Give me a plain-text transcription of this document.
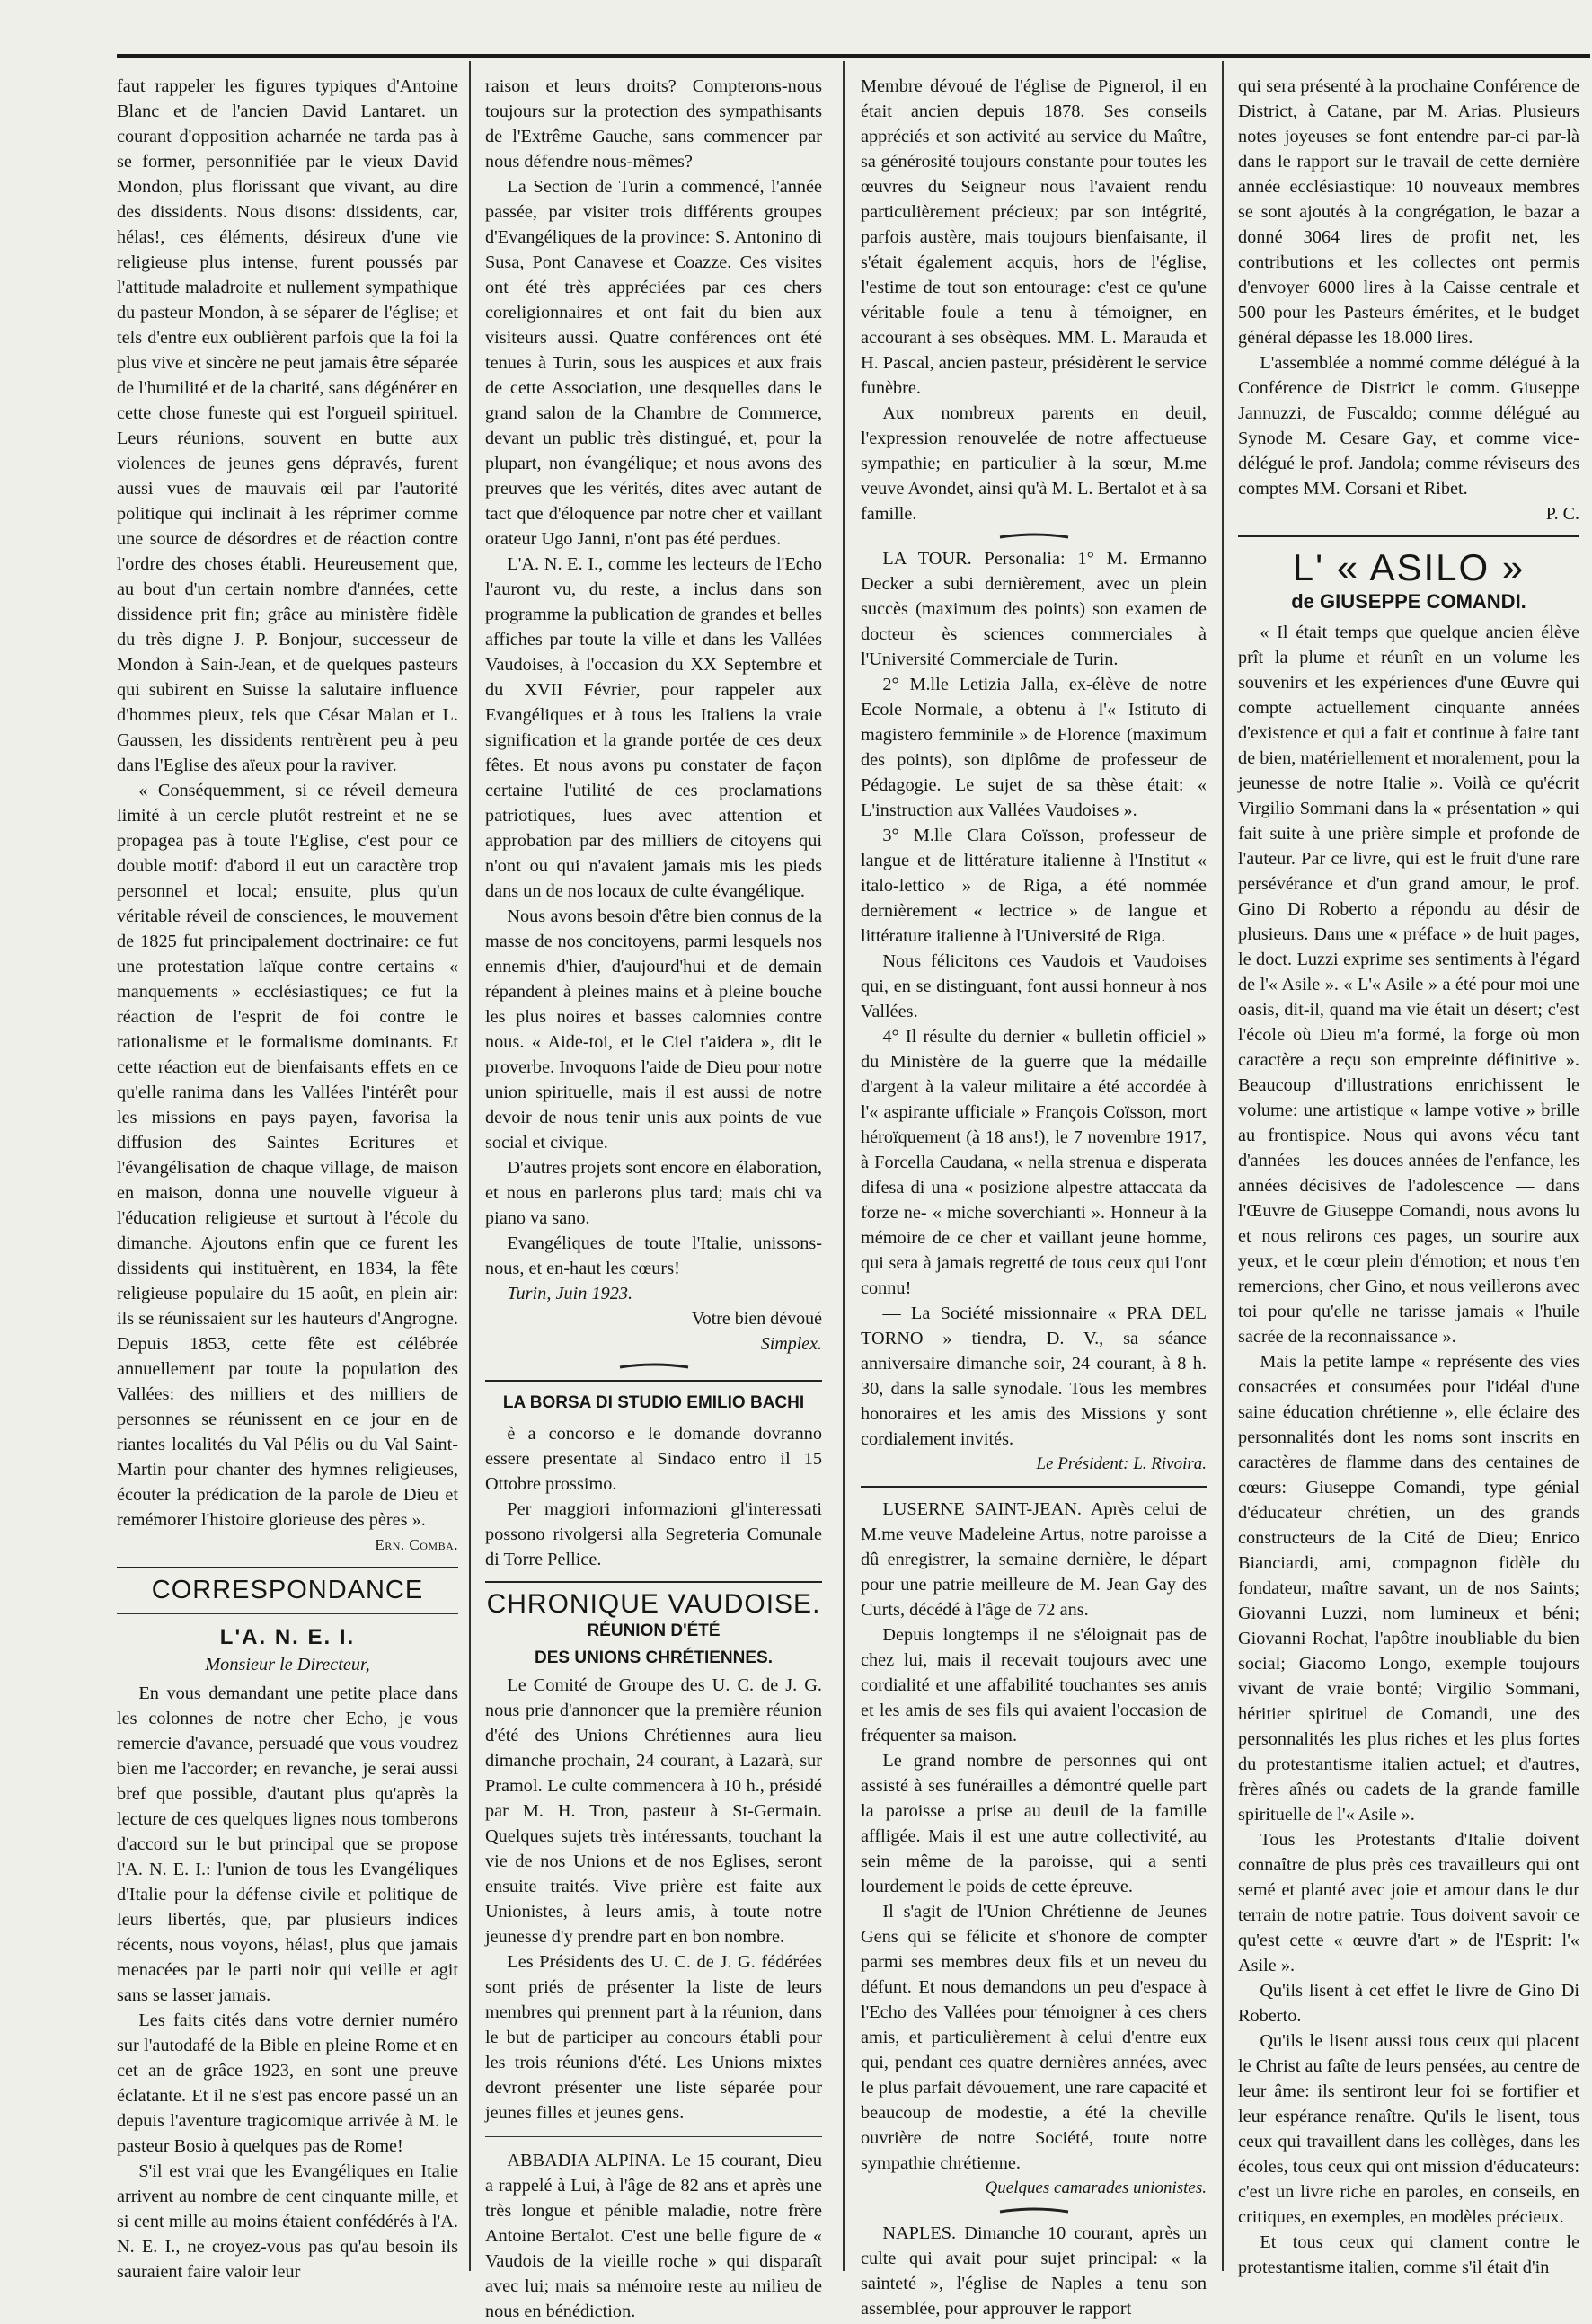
faut rappeler les figures typiques d'Antoine Blanc et de l'ancien David Lantaret. un courant d'opposition acharnée ne tarda pas à se former, personnifiée par le vieux David Mondon, plus florissant que vivant, au dire des dissidents. Nous disons: dissidents, car, hélas!, ces éléments, désireux d'une vie religieuse plus intense, furent poussés par l'attitude maladroite et nullement sympathique du pasteur Mondon, à se séparer de l'église; et tels d'entre eux oublièrent parfois que la foi la plus vive et sincère ne peut jamais être séparée de l'humilité et de la charité, sans dégénérer en cette chose funeste qui est l'orgueil spirituel. Leurs réunions, souvent en butte aux violences de jeunes gens dépravés, furent aussi vues de mauvais œil par l'autorité politique qui inclinait à les réprimer comme une source de désordres et de réaction contre l'ordre des choses établi. Heureusement que, au bout d'un certain nombre d'années, cette dissidence prit fin; grâce au ministère fidèle du très digne J. P. Bonjour, successeur de Mondon à Sain-Jean, et de quelques pasteurs qui subirent en Suisse la salutaire influence d'hommes pieux, tels que César Malan et L. Gaussen, les dissidents rentrèrent peu à peu dans l'Eglise des aïeux pour la raviver.

« Conséquemment, si ce réveil demeura limité à un cercle plutôt restreint et ne se propagea pas à toute l'Eglise, c'est pour ce double motif: d'abord il eut un caractère trop personnel et local; ensuite, plus qu'un véritable réveil de consciences, le mouvement de 1825 fut principalement doctrinaire: ce fut une protestation laïque contre certains « manquements » ecclésiastiques; ce fut la réaction de l'esprit de foi contre le rationalisme et le formalisme dominants. Et cette réaction eut de bienfaisants effets en ce qu'elle ranima dans les Vallées l'intérêt pour les missions en pays payen, favorisa la diffusion des Saintes Ecritures et l'évangélisation de chaque village, de maison en maison, donna une nouvelle vigueur à l'éducation religieuse et surtout à l'école du dimanche. Ajoutons enfin que ce furent les dissidents qui instituèrent, en 1834, la fête religieuse populaire du 15 août, en plein air: ils se réunissaient sur les hauteurs d'Angrogne. Depuis 1853, cette fête est célébrée annuellement par toute la population des Vallées: des milliers et des milliers de personnes se réunissent en ce jour en de riantes localités du Val Pélis ou du Val Saint-Martin pour chanter des hymnes religieuses, écouter la prédication de la parole de Dieu et remémorer l'histoire glorieuse des pères ».

Ern. Comba.
CORRESPONDANCE
L'A. N. E. I.
Monsieur le Directeur,

En vous demandant une petite place dans les colonnes de notre cher Echo, je vous remercie d'avance, persuadé que vous voudrez bien me l'accorder; en revanche, je serai aussi bref que possible, d'autant plus qu'après la lecture de ces quelques lignes nous tomberons d'accord sur le but principal que se propose l'A. N. E. I.: l'union de tous les Evangéliques d'Italie pour la défense civile et politique de leurs libertés, que, par plusieurs indices récents, nous voyons, hélas!, plus que jamais menacées par le parti noir qui veille et agit sans se lasser jamais.

Les faits cités dans votre dernier numéro sur l'autodafé de la Bible en pleine Rome et en cet an de grâce 1923, en sont une preuve éclatante. Et il ne s'est pas encore passé un an depuis l'aventure tragicomique arrivée à M. le pasteur Bosio à quelques pas de Rome!

S'il est vrai que les Evangéliques en Italie arrivent au nombre de cent cinquante mille, et si cent mille au moins étaient confédérés à l'A. N. E. I., ne croyez-vous pas qu'au besoin ils sauraient faire valoir leur

raison et leurs droits? Compterons-nous toujours sur la protection des sympathisants de l'Extrême Gauche, sans commencer par nous défendre nous-mêmes?

La Section de Turin a commencé, l'année passée, par visiter trois différents groupes d'Evangéliques de la province: S. Antonino di Susa, Pont Canavese et Coazze. Ces visites ont été très appréciées par ces chers coreligionnaires et ont fait du bien aux visiteurs aussi. Quatre conférences ont été tenues à Turin, sous les auspices et aux frais de cette Association, une desquelles dans le grand salon de la Chambre de Commerce, devant un public très distingué, et, pour la plupart, non évangélique; et nous avons des preuves que les vérités, dites avec autant de tact que d'éloquence par notre cher et vaillant orateur Ugo Janni, n'ont pas été perdues.

L'A. N. E. I., comme les lecteurs de l'Echo l'auront vu, du reste, a inclus dans son programme la publication de grandes et belles affiches par toute la ville et dans les Vallées Vaudoises, à l'occasion du XX Septembre et du XVII Février, pour rappeler aux Evangéliques et à tous les Italiens la vraie signification et la grande portée de ces deux fêtes. Et nous avons pu constater de façon certaine l'utilité de ces proclamations patriotiques, lues avec attention et approbation par des milliers de citoyens qui n'ont ou qui n'avaient jamais mis les pieds dans un de nos locaux de culte évangélique.

Nous avons besoin d'être bien connus de la masse de nos concitoyens, parmi lesquels nos ennemis d'hier, d'aujourd'hui et de demain répandent à pleines mains et à pleine bouche les plus noires et basses calomnies contre nous. « Aide-toi, et le Ciel t'aidera », dit le proverbe. Invoquons l'aide de Dieu pour notre union spirituelle, mais il est aussi de notre devoir de nous tenir unis aux points de vue social et civique.

D'autres projets sont encore en élaboration, et nous en parlerons plus tard; mais chi va piano va sano.

Evangéliques de toute l'Italie, unissons-nous, et en-haut les cœurs!

Turin, Juin 1923.

Votre bien dévoué
Simplex.
LA BORSA DI STUDIO EMILIO BACHI

è a concorso e le domande dovranno essere presentate al Sindaco entro il 15 Ottobre prossimo.

Per maggiori informazioni gl'interessati possono rivolgersi alla Segreteria Comunale di Torre Pellice.

CHRONIQUE VAUDOISE.
RÉUNION D'ÉTÉ
DES UNIONS CHRÉTIENNES.

Le Comité de Groupe des U. C. de J. G. nous prie d'annoncer que la première réunion d'été des Unions Chrétiennes aura lieu dimanche prochain, 24 courant, à Lazarà, sur Pramol. Le culte commencera à 10 h., présidé par M. H. Tron, pasteur à St-Germain. Quelques sujets très intéressants, touchant la vie de nos Unions et de nos Eglises, seront ensuite traités. Vive prière est faite aux Unionistes, à leurs amis, à toute notre jeunesse d'y prendre part en bon nombre.

Les Présidents des U. C. de J. G. fédérées sont priés de présenter la liste de leurs membres qui prennent part à la réunion, dans le but de participer au concours établi pour les trois réunions d'été. Les Unions mixtes devront présenter une liste séparée pour jeunes filles et jeunes gens.

ABBADIA ALPINA. Le 15 courant, Dieu a rappelé à Lui, à l'âge de 82 ans et après une très longue et pénible maladie, notre frère Antoine Bertalot. C'est une belle figure de « Vaudois de la vieille roche » qui disparaît avec lui; mais sa mémoire reste au milieu de nous en bénédiction.

Membre dévoué de l'église de Pignerol, il en était ancien depuis 1878. Ses conseils appréciés et son activité au service du Maître, sa générosité toujours constante pour toutes les œuvres du Seigneur nous l'avaient rendu particulièrement précieux; par son intégrité, parfois austère, mais toujours bienfaisante, il s'était également acquis, hors de l'église, l'estime de tout son entourage: c'est ce qu'une véritable foule a tenu à témoigner, en accourant à ses obsèques. MM. L. Marauda et H. Pascal, ancien pasteur, présidèrent le service funèbre.

Aux nombreux parents en deuil, l'expression renouvelée de notre affectueuse sympathie; en particulier à la sœur, M.me veuve Avondet, ainsi qu'à M. L. Bertalot et à sa famille.

LA TOUR. Personalia: 1° M. Ermanno Decker a subi dernièrement, avec un plein succès (maximum des points) son examen de docteur ès sciences commerciales à l'Université Commerciale de Turin.

2° M.lle Letizia Jalla, ex-élève de notre Ecole Normale, a obtenu à l'« Istituto di magistero femminile » de Florence (maximum des points), son diplôme de professeur de Pédagogie. Le sujet de sa thèse était: « L'instruction aux Vallées Vaudoises ».

3° M.lle Clara Coïsson, professeur de langue et de littérature italienne à l'Institut « italo-lettico » de Riga, a été nommée dernièrement « lectrice » de langue et littérature italienne à l'Université de Riga.

Nous félicitons ces Vaudois et Vaudoises qui, en se distinguant, font aussi honneur à nos Vallées.

4° Il résulte du dernier « bulletin officiel » du Ministère de la guerre que la médaille d'argent à la valeur militaire a été accordée à l'« aspirante ufficiale » François Coïsson, mort héroïquement (à 18 ans!), le 7 novembre 1917, à Forcella Caudana, « nella strenua e disperata difesa di una « posizione alpestre attaccata da forze ne- « miche soverchianti ». Honneur à la mémoire de ce cher et vaillant jeune homme, qui sera à jamais regretté de tous ceux qui l'ont connu!

— La Société missionnaire « PRA DEL TORNO » tiendra, D. V., sa séance anniversaire dimanche soir, 24 courant, à 8 h. 30, dans la salle synodale. Tous les membres honoraires et les amis des Missions y sont cordialement invités.

Le Président: L. Rivoira.

LUSERNE SAINT-JEAN. Après celui de M.me veuve Madeleine Artus, notre paroisse a dû enregistrer, la semaine dernière, le départ pour une patrie meilleure de M. Jean Gay des Curts, décédé à l'âge de 72 ans.

Depuis longtemps il ne s'éloignait pas de chez lui, mais il recevait toujours avec une cordialité et une affabilité touchantes ses amis et les amis de ses fils qui avaient l'occasion de fréquenter sa maison.

Le grand nombre de personnes qui ont assisté à ses funérailles a démontré quelle part la paroisse a prise au deuil de la famille affligée. Mais il est une autre collectivité, au sein même de la paroisse, qui a senti lourdement le poids de cette épreuve.

Il s'agit de l'Union Chrétienne de Jeunes Gens qui se félicite et s'honore de compter parmi ses membres deux fils et un neveu du défunt. Et nous demandons un peu d'espace à l'Echo des Vallées pour témoigner à ces chers amis, et particulièrement à celui d'entre eux qui, pendant ces quatre dernières années, avec le plus parfait dévouement, une rare capacité et beaucoup de modestie, a été la cheville ouvrière de notre Société, toute notre sympathie chrétienne.

Quelques camarades unionistes.

NAPLES. Dimanche 10 courant, après un culte qui avait pour sujet principal: « la sainteté », l'église de Naples a tenu son assemblée, pour approuver le rapport

qui sera présenté à la prochaine Conférence de District, à Catane, par M. Arias. Plusieurs notes joyeuses se font entendre par-ci par-là dans le rapport sur le travail de cette dernière année ecclésiastique: 10 nouveaux membres se sont ajoutés à la congrégation, le bazar a donné 3064 lires de profit net, les contributions et les collectes ont permis d'envoyer 6000 lires à la Caisse centrale et 500 pour les Pasteurs émérites, et le budget général dépasse les 18.000 lires.

L'assemblée a nommé comme délégué à la Conférence de District le comm. Giuseppe Jannuzzi, de Fuscaldo; comme délégué au Synode M. Cesare Gay, et comme vice-délégué le prof. Jandola; comme réviseurs des comptes MM. Corsani et Ribet.

P. C.
L' « ASILO »
de GIUSEPPE COMANDI.

« Il était temps que quelque ancien élève prît la plume et réunît en un volume les souvenirs et les expériences d'une Œuvre qui compte actuellement cinquante années d'existence et qui a fait et continue à faire tant de bien, matériellement et moralement, pour la jeunesse de notre Italie ». Voilà ce qu'écrit Virgilio Sommani dans la « présentation » qui fait suite à une prière simple et profonde de l'auteur. Par ce livre, qui est le fruit d'une rare persévérance et d'un grand amour, le prof. Gino Di Roberto a répondu au désir de plusieurs. Dans une « préface » de huit pages, le doct. Luzzi exprime ses sentiments à l'égard de l'« Asile ». « L'« Asile » a été pour moi une oasis, dit-il, quand ma vie était un désert; c'est l'école où Dieu m'a formé, la forge où mon caractère a reçu son empreinte définitive ». Beaucoup d'illustrations enrichissent le volume: une artistique « lampe votive » brille au frontispice. Nous qui avons vécu tant d'années — les douces années de l'enfance, les années décisives de l'adolescence — dans l'Œuvre de Giuseppe Comandi, nous avons lu et nous relirons ces pages, un sourire aux yeux, et le cœur plein d'émotion; et nous t'en remercions, cher Gino, et nous veillerons avec toi pour qu'elle ne tarisse jamais « l'huile sacrée de la reconnaissance ».

Mais la petite lampe « représente des vies consacrées et consumées pour l'idéal d'une saine éducation chrétienne », elle éclaire des personnalités dont les noms sont inscrits en caractères de flamme dans des centaines de cœurs: Giuseppe Comandi, type génial d'éducateur chrétien, un des grands constructeurs de la Cité de Dieu; Enrico Bianciardi, ami, compagnon fidèle du fondateur, maître savant, un de nos Saints; Giovanni Luzzi, nom lumineux et béni; Giovanni Rochat, l'apôtre inoubliable du bien social; Giacomo Longo, exemple toujours vivant de vraie bonté; Virgilio Sommani, héritier spirituel de Comandi, une des personnalités les plus riches et les plus fortes du protestantisme italien actuel; et d'autres, frères aînés ou cadets de la grande famille spirituelle de l'« Asile ».

Tous les Protestants d'Italie doivent connaître de plus près ces travailleurs qui ont semé et planté avec joie et amour dans le dur terrain de notre patrie. Tous doivent savoir ce qu'est cette « œuvre d'art » de l'Esprit: l'« Asile ».

Qu'ils lisent à cet effet le livre de Gino Di Roberto.

Qu'ils le lisent aussi tous ceux qui placent le Christ au faîte de leurs pensées, au centre de leur âme: ils sentiront leur foi se fortifier et leur espérance renaître. Qu'ils le lisent, tous ceux qui travaillent dans les collèges, dans les écoles, tous ceux qui ont mission d'éducateurs: c'est un livre riche en paroles, en conseils, en critiques, en exemples, en modèles précieux.

Et tous ceux qui clament contre le protestantisme italien, comme s'il était d'in
